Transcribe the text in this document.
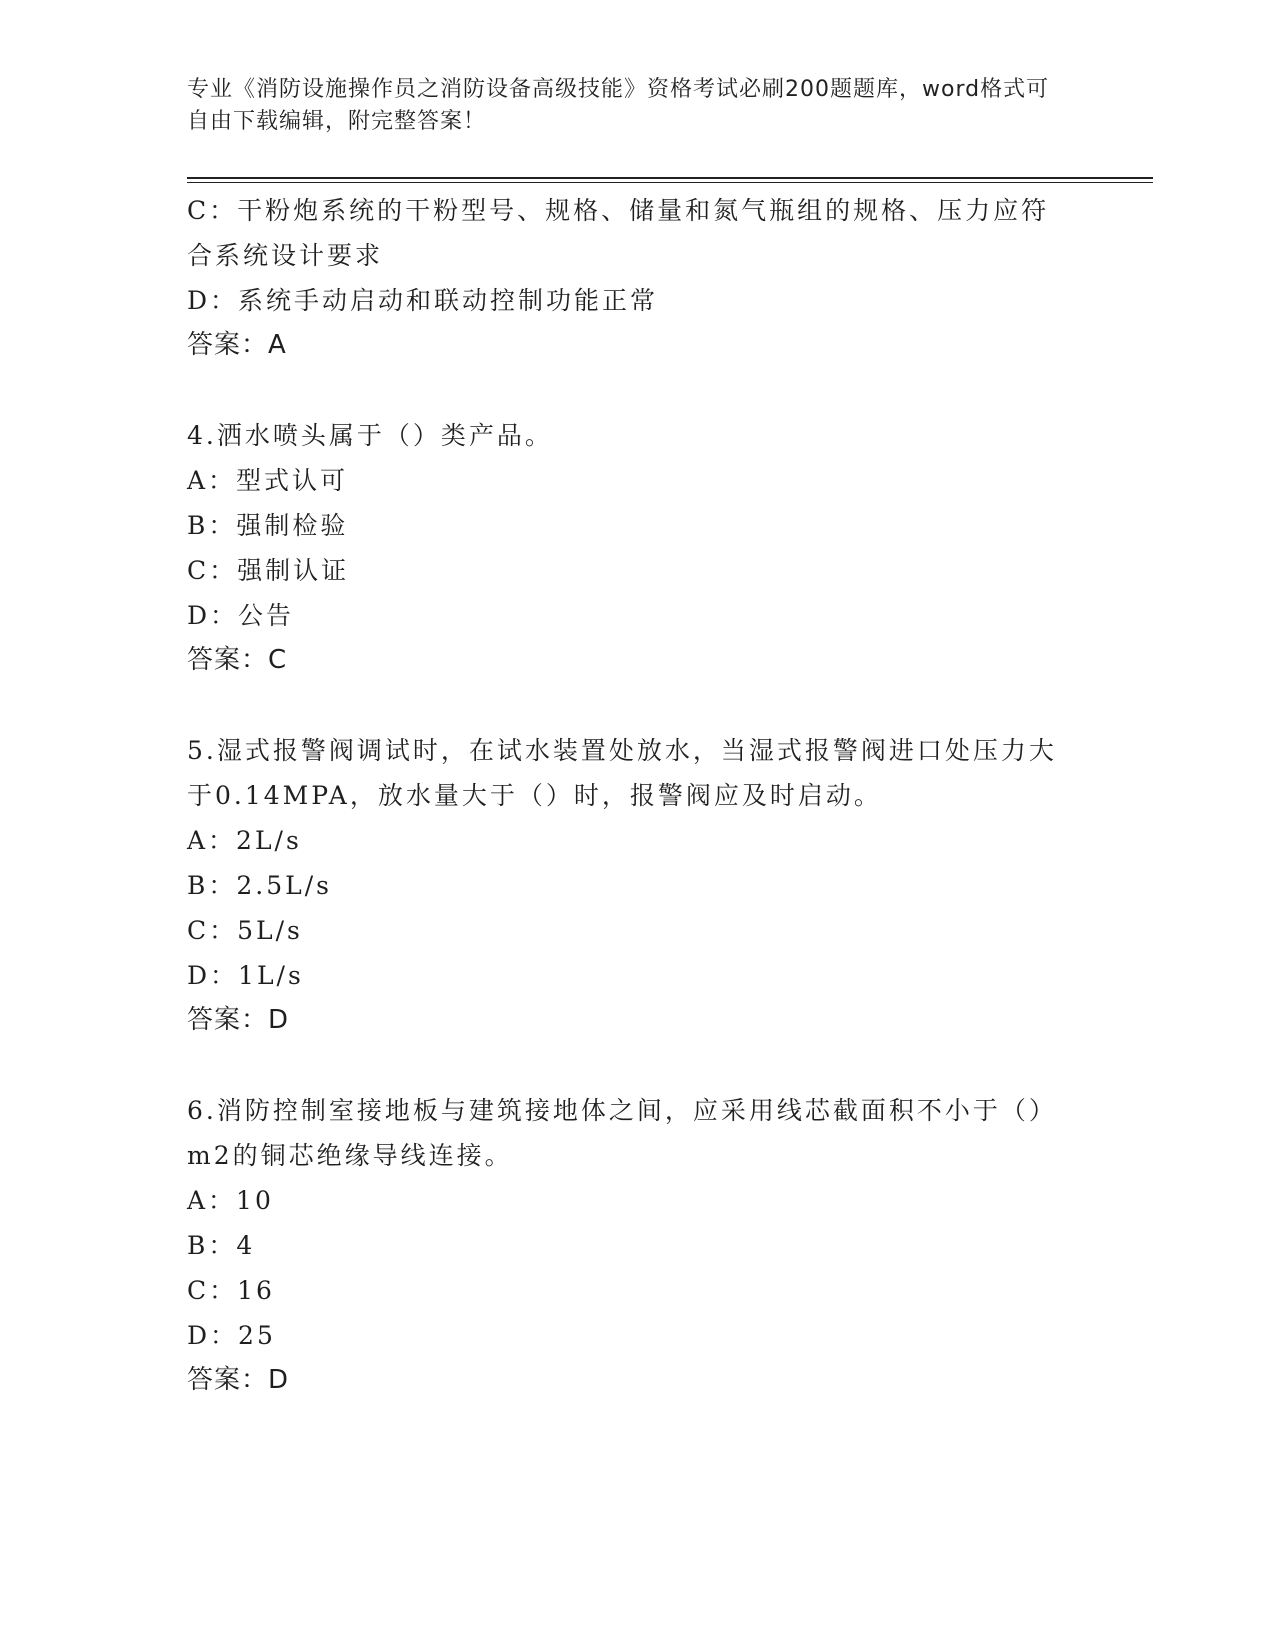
专业《消防设施操作员之消防设备高级技能》资格考试必刷200题题库，word格式可自由下载编辑，附完整答案！
C：干粉炮系统的干粉型号、规格、储量和氮气瓶组的规格、压力应符合系统设计要求
D：系统手动启动和联动控制功能正常
答案：A
4.洒水喷头属于（）类产品。
A：型式认可
B：强制检验
C：强制认证
D：公告
答案：C
5.湿式报警阀调试时，在试水装置处放水，当湿式报警阀进口处压力大于0.14MPA，放水量大于（）时，报警阀应及时启动。
A：2L/s
B：2.5L/s
C：5L/s
D：1L/s
答案：D
6.消防控制室接地板与建筑接地体之间，应采用线芯截面积不小于（）m2的铜芯绝缘导线连接。
A：10
B：4
C：16
D：25
答案：D
